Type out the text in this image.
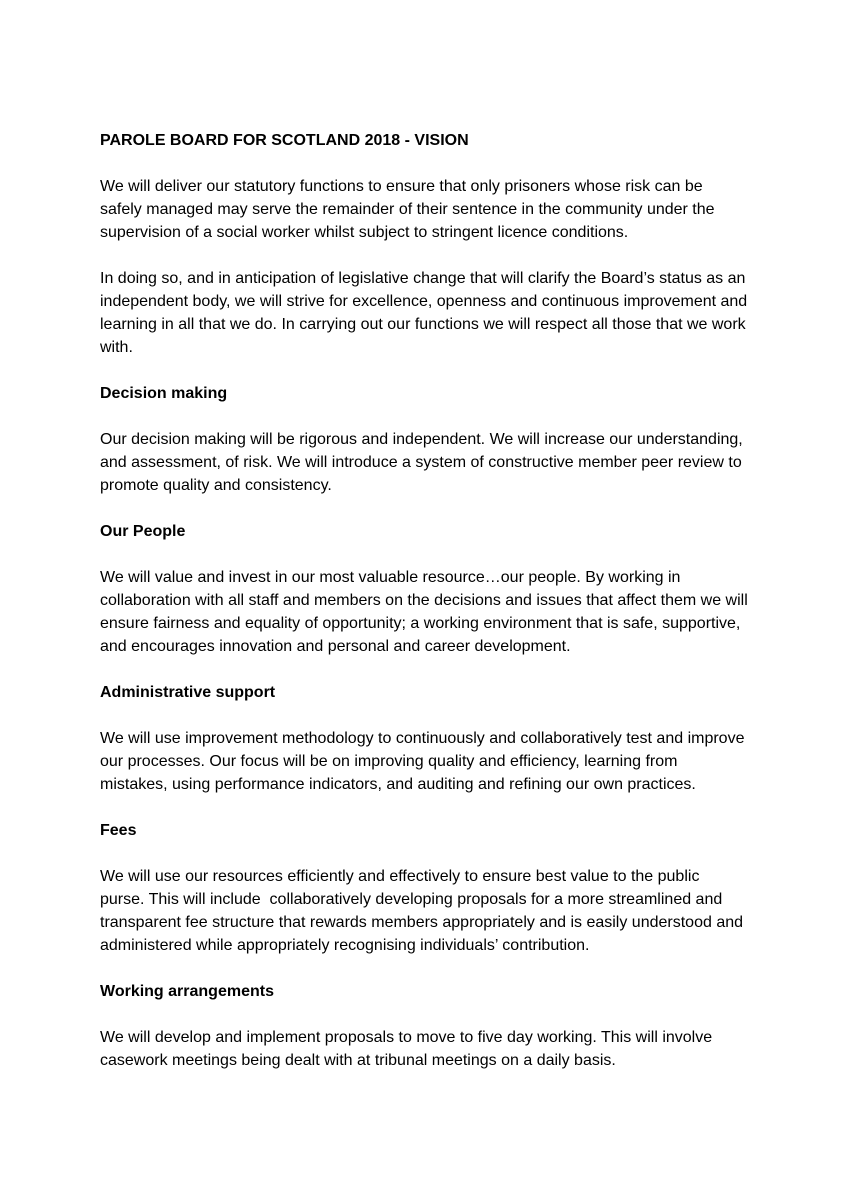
PAROLE BOARD FOR SCOTLAND 2018 - VISION

We will deliver our statutory functions to ensure that only prisoners whose risk can be safely managed may serve the remainder of their sentence in the community under the supervision of a social worker whilst subject to stringent licence conditions.

In doing so, and in anticipation of legislative change that will clarify the Board’s status as an independent body, we will strive for excellence, openness and continuous improvement and learning in all that we do. In carrying out our functions we will respect all those that we work with.

Decision making

Our decision making will be rigorous and independent. We will increase our understanding, and assessment, of risk. We will introduce a system of constructive member peer review to promote quality and consistency.

Our People

We will value and invest in our most valuable resource…our people. By working in collaboration with all staff and members on the decisions and issues that affect them we will ensure fairness and equality of opportunity; a working environment that is safe, supportive, and encourages innovation and personal and career development.

Administrative support

We will use improvement methodology to continuously and collaboratively test and improve our processes. Our focus will be on improving quality and efficiency, learning from mistakes, using performance indicators, and auditing and refining our own practices.

Fees

We will use our resources efficiently and effectively to ensure best value to the public purse. This will include  collaboratively developing proposals for a more streamlined and transparent fee structure that rewards members appropriately and is easily understood and administered while appropriately recognising individuals’ contribution.

Working arrangements

We will develop and implement proposals to move to five day working. This will involve casework meetings being dealt with at tribunal meetings on a daily basis.
